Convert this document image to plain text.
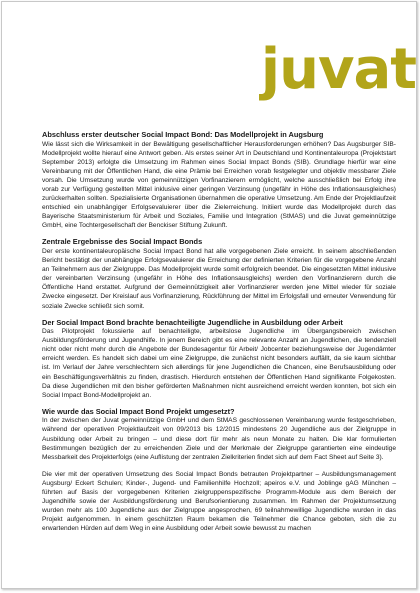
juvat

Abschluss erster deutscher Social Impact Bond: Das Modellprojekt in Augsburg

Wie lässt sich die Wirksamkeit in der Bewältigung gesellschaftlicher Herausforderungen erhöhen? Das Augsburger SIB-Modellprojekt wollte hierauf eine Antwort geben. Als erstes seiner Art in Deutschland und Kontinentaleuropa (Projektstart September 2013) erfolgte die Umsetzung im Rahmen eines Social Impact Bonds (SIB). Grundlage hierfür war eine Vereinbarung mit der Öffentlichen Hand, die eine Prämie bei Erreichen vorab festgelegter und objektiv messbarer Ziele vorsah. Die Umsetzung wurde von gemeinnützigen Vorfinanzierern ermöglicht, welche ausschließlich bei Erfolg ihre vorab zur Verfügung gestellten Mittel inklusive einer geringen Verzinsung (ungefähr in Höhe des Inflationsausgleiches) zurückerhalten sollten. Spezialisierte Organisationen übernahmen die operative Umsetzung. Am Ende der Projektlaufzeit entschied ein unabhängiger Erfolgsevaluierer über die Zielerreichung. Initiiert wurde das Modellprojekt durch das Bayerische Staatsministerium für Arbeit und Soziales, Familie und Integration (StMAS) und die Juvat gemeinnützige GmbH, eine Tochtergesellschaft der Benckiser Stiftung Zukunft.

Zentrale Ergebnisse des Social Impact Bonds

Der erste kontinentaleuropäische Social Impact Bond hat alle vorgegebenen Ziele erreicht. In seinem abschließenden Bericht bestätigt der unabhängige Erfolgsevaluierer die Erreichung der definierten Kriterien für die vorgegebene Anzahl an Teilnehmern aus der Zielgruppe. Das Modellprojekt wurde somit erfolgreich beendet. Die eingesetzten Mittel inklusive der vereinbarten Verzinsung (ungefähr in Höhe des Inflationsausgleichs) werden den Vorfinanzierern durch die Öffentliche Hand erstattet. Aufgrund der Gemeinnützigkeit aller Vorfinanzierer werden jene Mittel wieder für soziale Zwecke eingesetzt. Der Kreislauf aus Vorfinanzierung, Rückführung der Mittel im Erfolgsfall und erneuter Verwendung für soziale Zwecke schließt sich somit.

Der Social Impact Bond brachte benachteiligte Jugendliche in Ausbildung oder Arbeit

Das Pilotprojekt fokussierte auf benachteiligte, arbeitslose Jugendliche im Übergangsbereich zwischen Ausbildungsförderung und Jugendhilfe. In jenem Bereich gibt es eine relevante Anzahl an Jugendlichen, die tendenziell nicht oder nicht mehr durch die Angebote der Bundesagentur für Arbeit/ Jobcenter beziehungsweise der Jugendämter erreicht werden. Es handelt sich dabei um eine Zielgruppe, die zunächst nicht besonders auffällt, da sie kaum sichtbar ist. Im Verlauf der Jahre verschlechtern sich allerdings für jene Jugendlichen die Chancen, eine Berufsausbildung oder ein Beschäftigungsverhältnis zu finden, drastisch. Hierdurch entstehen der Öffentlichen Hand signifikante Folgekosten. Da diese Jugendlichen mit den bisher geförderten Maßnahmen nicht ausreichend erreicht werden konnten, bot sich ein Social Impact Bond-Modellprojekt an.

Wie wurde das Social Impact Bond Projekt umgesetzt?

In der zwischen der Juvat gemeinnützige GmbH und dem StMAS geschlossenen Vereinbarung wurde festgeschrieben, während der operativen Projektlaufzeit von 09/2013 bis 12/2015 mindestens 20 Jugendliche aus der Zielgruppe in Ausbildung oder Arbeit zu bringen – und diese dort für mehr als neun Monate zu halten. Die klar formulierten Bestimmungen bezüglich der zu erreichenden Ziele und der Merkmale der Zielgruppe garantierten eine eindeutige Messbarkeit des Projekterfolgs (eine Auflistung der zentralen Zielkriterien findet sich auf dem Fact Sheet auf Seite 3).

Die vier mit der operativen Umsetzung des Social Impact Bonds betrauten Projektpartner – Ausbildungsmanagement Augsburg/ Eckert Schulen; Kinder-, Jugend- und Familienhilfe Hochzoll; apeiros e.V. und Joblinge gAG München – führten auf Basis der vorgegebenen Kriterien zielgruppenspezifische Programm-Module aus dem Bereich der Jugendhilfe sowie der Ausbildungsförderung und Berufsorientierung zusammen. Im Rahmen der Projektumsetzung wurden mehr als 100 Jugendliche aus der Zielgruppe angesprochen, 69 teilnahmewillige Jugendliche wurden in das Projekt aufgenommen. In einem geschützten Raum bekamen die Teilnehmer die Chance geboten, sich die zu erwartenden Hürden auf dem Weg in eine Ausbildung oder Arbeit sowie bewusst zu machen
